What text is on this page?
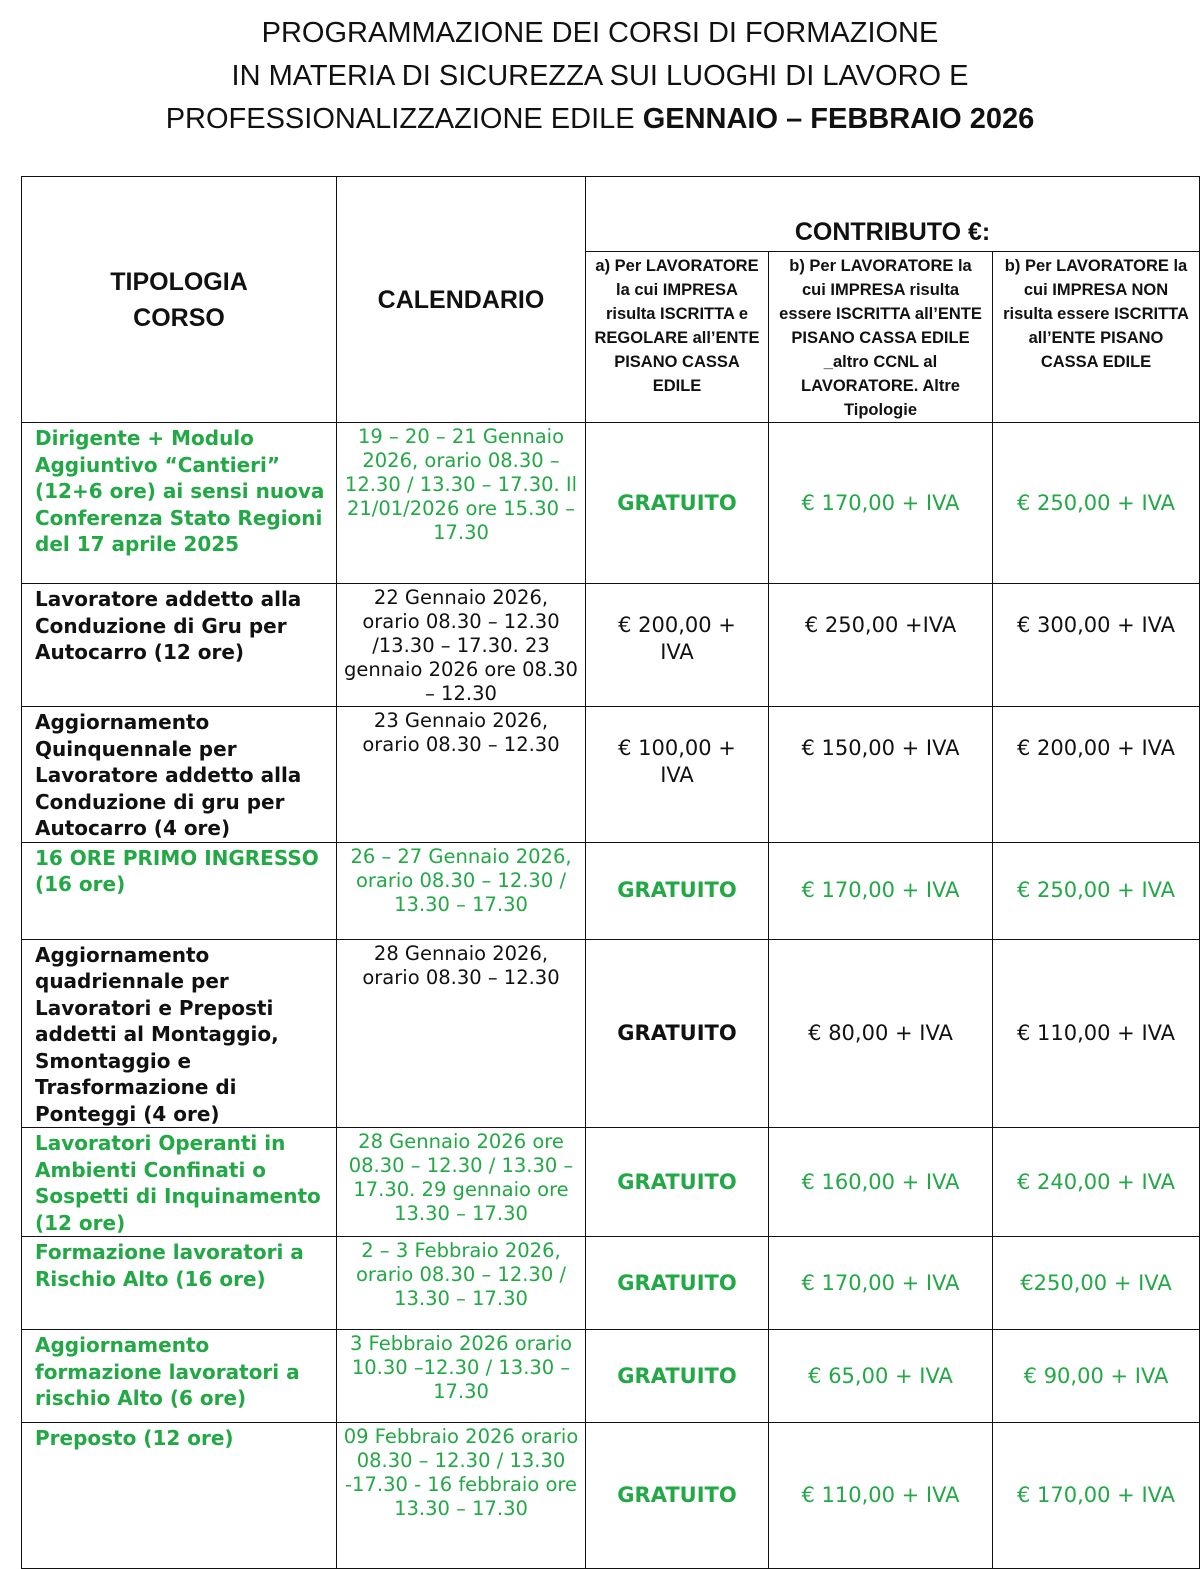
PROGRAMMAZIONE DEI CORSI DI FORMAZIONE
IN MATERIA DI SICUREZZA SUI LUOGHI DI LAVORO E
PROFESSIONALIZZAZIONE EDILE GENNAIO – FEBBRAIO 2026
TIPOLOGIA CORSO	CALENDARIO	CONTRIBUTO €:		

		a) Per LAVORATORE la cui IMPRESA risulta ISCRITTA e REGOLARE all’ENTE PISANO CASSA EDILE	b) Per LAVORATORE la cui IMPRESA risulta essere ISCRITTA all’ENTE PISANO CASSA EDILE _altro CCNL al LAVORATORE. Altre Tipologie	b) Per LAVORATORE la cui IMPRESA NON risulta essere ISCRITTA all’ENTE PISANO CASSA EDILE

Dirigente + Modulo Aggiuntivo “Cantieri” (12+6 ore) ai sensi nuova Conferenza Stato Regioni del 17 aprile 2025	19 – 20 – 21 Gennaio 2026, orario 08.30 – 12.30 / 13.30 – 17.30. Il 21/01/2026 ore 15.30 – 17.30	GRATUITO	€ 170,00 + IVA	€ 250,00 + IVA
Lavoratore addetto alla Conduzione di Gru per Autocarro (12 ore)	22 Gennaio 2026, orario 08.30 – 12.30 /13.30 – 17.30. 23 gennaio 2026 ore 08.30 – 12.30	€ 200,00 + IVA	€ 250,00 +IVA	€ 300,00 + IVA
Aggiornamento Quinquennale per Lavoratore addetto alla Conduzione di gru per Autocarro (4 ore)	23 Gennaio 2026, orario 08.30 – 12.30	€ 100,00 + IVA	€ 150,00 + IVA	€ 200,00 + IVA
16 ORE PRIMO INGRESSO (16 ore)	26 – 27 Gennaio 2026, orario 08.30 – 12.30 / 13.30 – 17.30	GRATUITO	€ 170,00 + IVA	€ 250,00 + IVA
Aggiornamento quadriennale per Lavoratori e Preposti addetti al Montaggio, Smontaggio e Trasformazione di Ponteggi (4 ore)	28 Gennaio 2026, orario 08.30 – 12.30	GRATUITO	€ 80,00 + IVA	€ 110,00 + IVA
Lavoratori Operanti in Ambienti Confinati o Sospetti di Inquinamento (12 ore)	28 Gennaio 2026 ore 08.30 – 12.30 / 13.30 – 17.30. 29 gennaio ore 13.30 – 17.30	GRATUITO	€ 160,00 + IVA	€ 240,00 + IVA
Formazione lavoratori a Rischio Alto (16 ore)	2 – 3 Febbraio 2026, orario 08.30 – 12.30 / 13.30 – 17.30	GRATUITO	€ 170,00 + IVA	€250,00 + IVA
Aggiornamento formazione lavoratori a rischio Alto (6 ore)	3 Febbraio 2026 orario 10.30 –12.30 / 13.30 – 17.30	GRATUITO	€ 65,00 + IVA	€ 90,00 + IVA
Preposto (12 ore)	09 Febbraio 2026 orario 08.30 – 12.30 / 13.30 -17.30 - 16 febbraio ore 13.30 – 17.30	GRATUITO	€ 110,00 + IVA	€ 170,00 + IVA
